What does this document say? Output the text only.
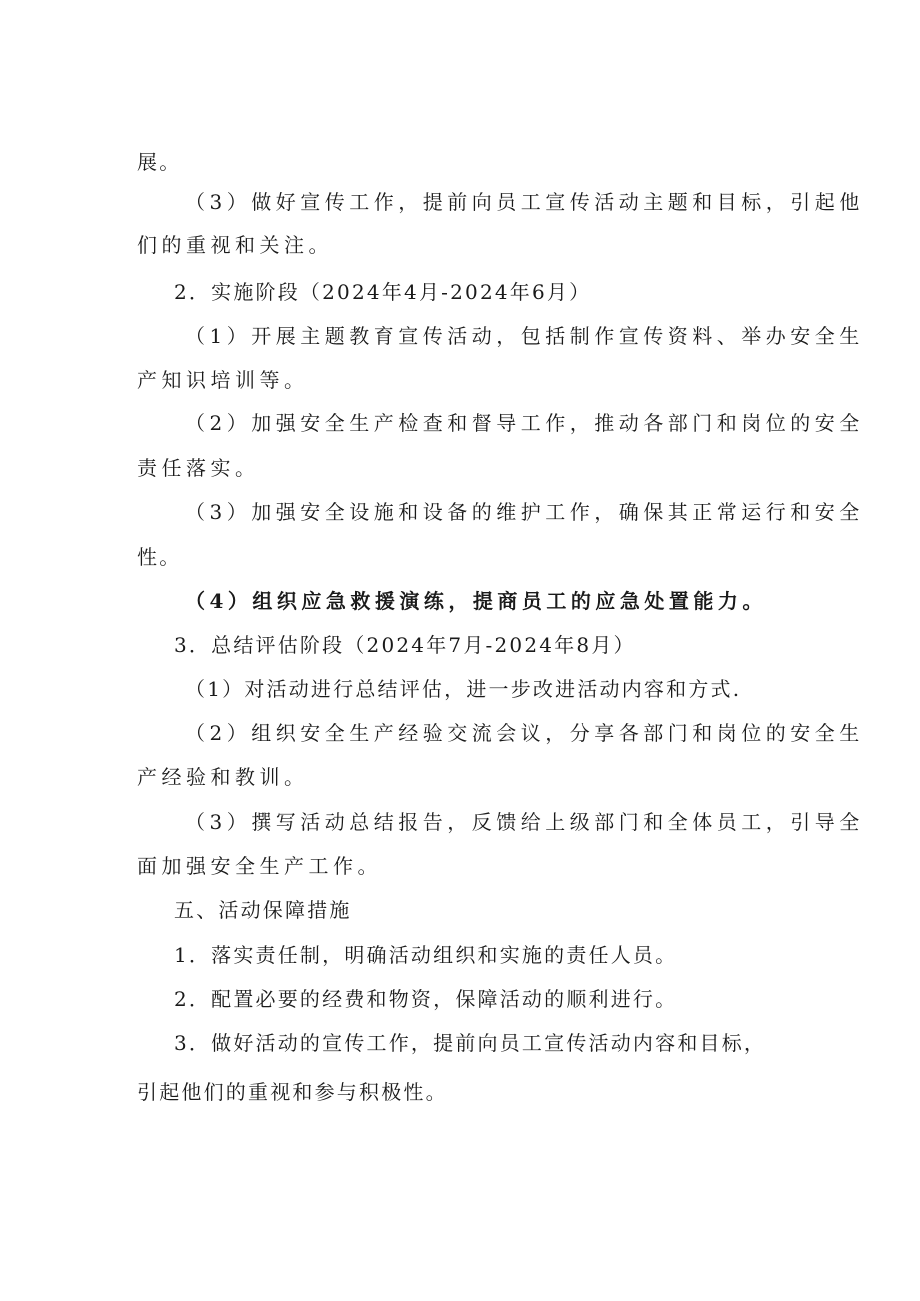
展。
（3）做好宣传工作，提前向员工宣传活动主题和目标，引起他
们的重视和关注。
2．实施阶段（2024年4月-2024年6月）
（1）开展主题教育宣传活动，包括制作宣传资料、举办安全生
产知识培训等。
（2）加强安全生产检查和督导工作，推动各部门和岗位的安全
责任落实。
（3）加强安全设施和设备的维护工作，确保其正常运行和安全
性。
（4）组织应急救援演练，提商员工的应急处置能力。
3．总结评估阶段（2024年7月-2024年8月）
（1）对活动进行总结评估，进一步改进活动内容和方式.
（2）组织安全生产经验交流会议，分享各部门和岗位的安全生
产经验和教训。
（3）撰写活动总结报告，反馈给上级部门和全体员工，引导全
面加强安全生产工作。
五、活动保障措施
1．落实责任制，明确活动组织和实施的责任人员。
2．配置必要的经费和物资，保障活动的顺利进行。
3．做好活动的宣传工作，提前向员工宣传活动内容和目标，
引起他们的重视和参与积极性。
